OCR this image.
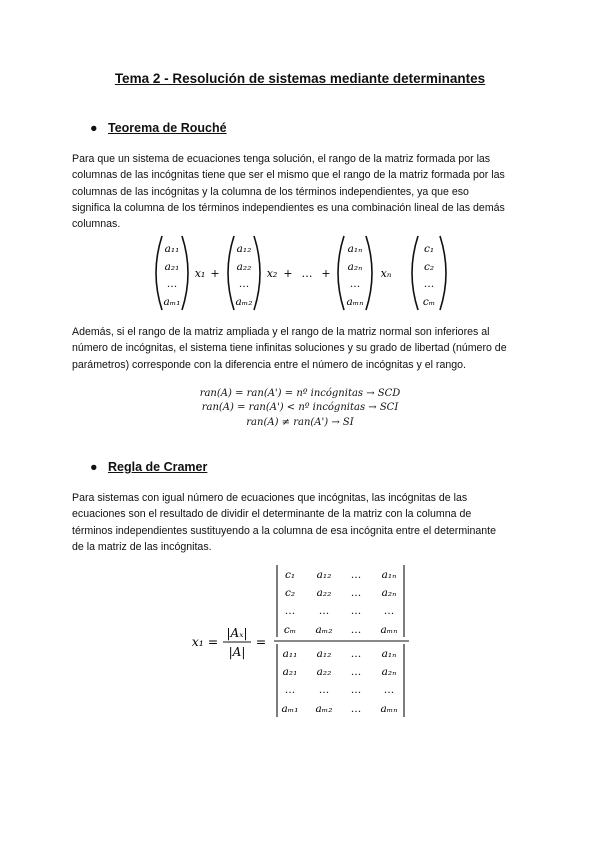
Tema 2 - Resolución de sistemas mediante determinantes
● Teorema de Rouché

Para que un sistema de ecuaciones tenga solución, el rango de la matriz formada por las

columnas de las incógnitas tiene que ser el mismo que el rango de la matriz formada por las

columnas de las incógnitas y la columna de los términos independientes, ya que eso

significa la columna de los términos independientes es una combinación lineal de las demás

columnas.

a₁₁
a₂₁
…
aₘ₁
x₁ +
a₁₂
a₂₂
…
aₘ₂
x₂ + … +
a₁ₙ
a₂ₙ
…
aₘₙ
xₙ
c₁
c₂
…
cₘ

Además, si el rango de la matriz ampliada y el rango de la matriz normal son inferiores al

número de incógnitas, el sistema tiene infinitas soluciones y su grado de libertad (número de

parámetros) corresponde con la diferencia entre el número de incógnitas y el rango.

ran(A) = ran(A') = nº incógnitas → SCD
ran(A) = ran(A') < nº incógnitas → SCI
ran(A) ≠ ran(A') → SI
● Regla de Cramer

Para sistemas con igual número de ecuaciones que incógnitas, las incógnitas de las

ecuaciones son el resultado de dividir el determinante de la matriz con la columna de

términos independientes sustituyendo a la columna de esa incógnita entre el determinante

de la matriz de las incógnitas.

x₁ =
|Aₓ|
|A|
=
c₁ a₁₂ … a₁ₙ
c₂ a₂₂ … a₂ₙ
… … … …
cₘ aₘ₂ … aₘₙ
a₁₁ a₁₂ … a₁ₙ
a₂₁ a₂₂ … a₂ₙ
… … … …
aₘ₁ aₘ₂ … aₘₙ
